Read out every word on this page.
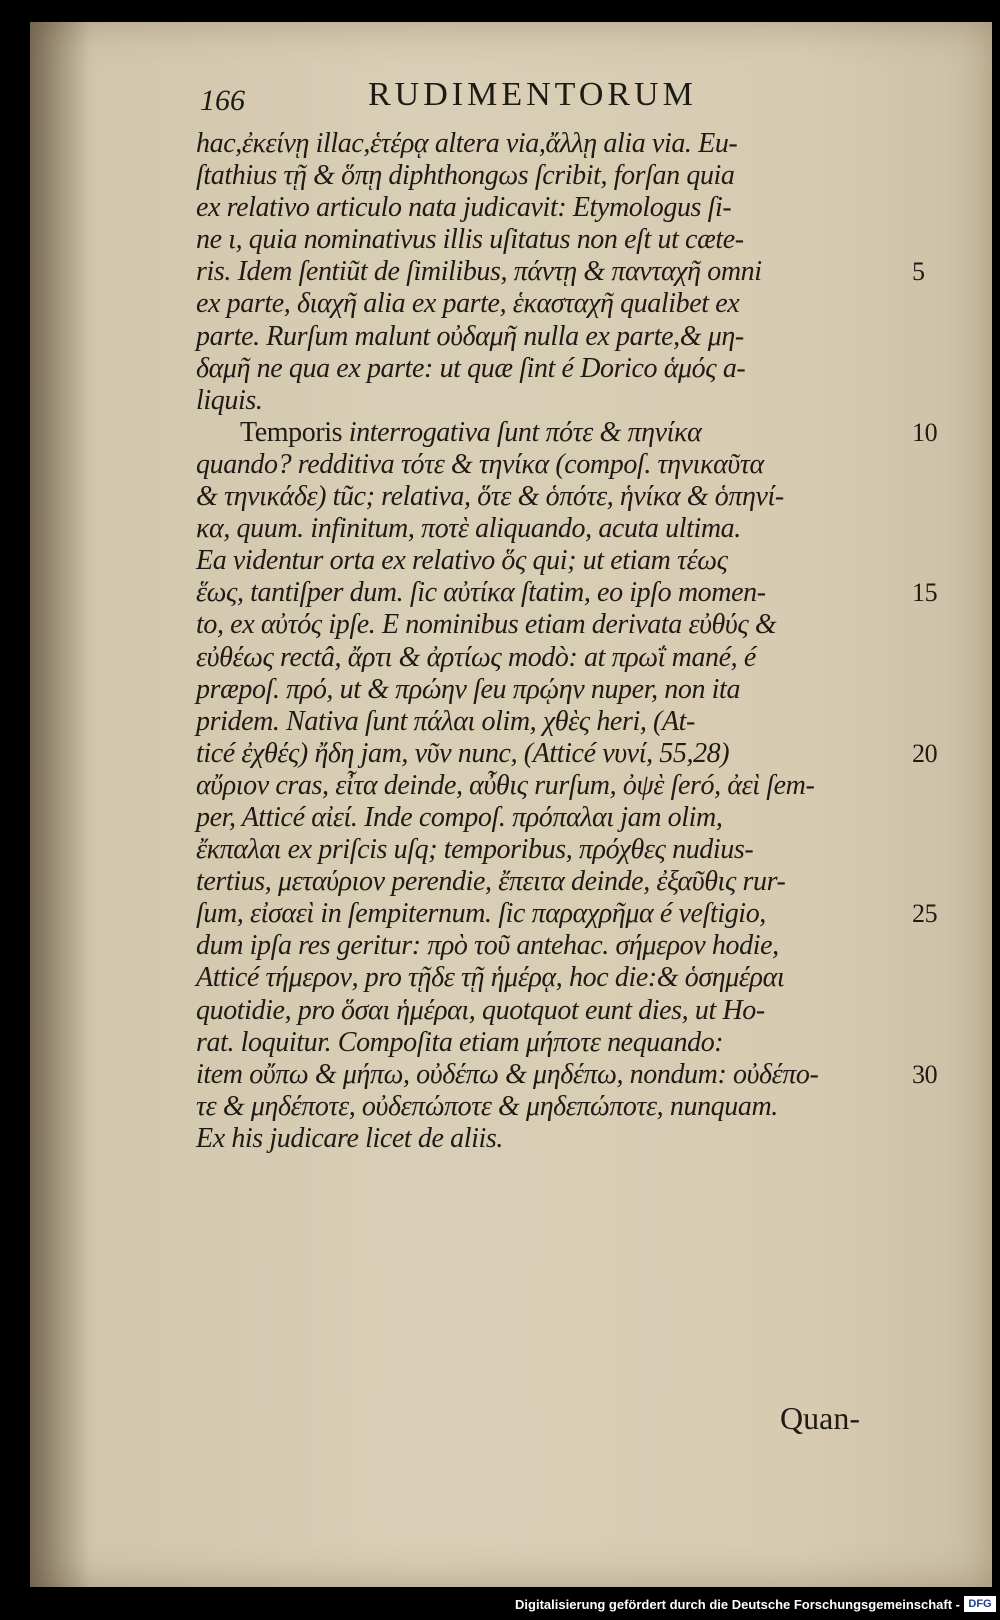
166	RUDIMENTORUM
hac,ἐκείνῃ illac,ἑτέρᾳ altera via,ἄλλῃ alia via. Eu-
ſtathius τῇ & ὅπῃ diphthongωs ſcribit, forſan quia
ex relativo articulo nata judicavit: Etymologus ſi-
ne ι, quia nominativus illis uſitatus non eſt ut cæte-
ris. Idem ſentiũt de ſimilibus, πάντῃ & πανταχῆ omni	5
ex parte, διαχῆ alia ex parte, ἑκασταχῆ qualibet ex
parte. Rurſum malunt οὐδαμῆ nulla ex parte,& μη-
δαμῆ ne qua ex parte: ut quæ ſint é Dorico ἁμός a-
liquis.
Temporis interrogativa ſunt πότε & πηνίκα	10
quando? redditiva τότε & τηνίκα (compoſ. τηνικαῦτα
& τηνικάδε) tũc; relativa, ὅτε & ὁπότε, ἡνίκα & ὁπηνί-
κα, quum. infinitum, ποτὲ aliquando, acuta ultima.
Ea videntur orta ex relativo ὅς qui; ut etiam τέως
ἕως, tantiſper dum. ſic αὐτίκα ſtatim, eo ipſo momen-	15
to, ex αὐτός ipſe. E nominibus etiam derivata εὐθύς &
εὐθέως rectâ, ἄρτι & ἀρτίως modò: at πρωΐ mané, é
præpoſ. πρό, ut & πρώην ſeu πρῴην nuper, non ita
pridem. Nativa ſunt πάλαι olim, χθὲς heri, (At-
ticé ἐχθές) ἤδη jam, νῦν nunc, (Atticé νυνί, 55,28)	20
αὔριον cras, εἶτα deinde, αὖθις rurſum, ὀψὲ ſeró, ἀεὶ ſem-
per, Atticé αἰεί. Inde compoſ. πρόπαλαι jam olim,
ἔκπαλαι ex priſcis uſq; temporibus, πρόχθες nudius-
tertius, μεταύριον perendie, ἔπειτα deinde, ἐξαῦθις rur-
ſum, εἰσαεὶ in ſempiternum. ſic παραχρῆμα é veſtigio,	25
dum ipſa res geritur: πρὸ τοῦ antehac. σήμερον hodie,
Atticé τήμερον, pro τῇδε τῇ ἡμέρᾳ, hoc die:& ὁσημέραι
quotidie, pro ὅσαι ἡμέραι, quotquot eunt dies, ut Ho-
rat. loquitur. Compoſita etiam μήποτε nequando:
item οὔπω & μήπω, οὐδέπω & μηδέπω, nondum: οὐδέπο-	30
τε & μηδέποτε, οὐδεπώποτε & μηδεπώποτε, nunquam.
Ex his judicare licet de aliis.
Quan-
Digitalisierung gefördert durch die Deutsche Forschungsgemeinschaft - DFG
